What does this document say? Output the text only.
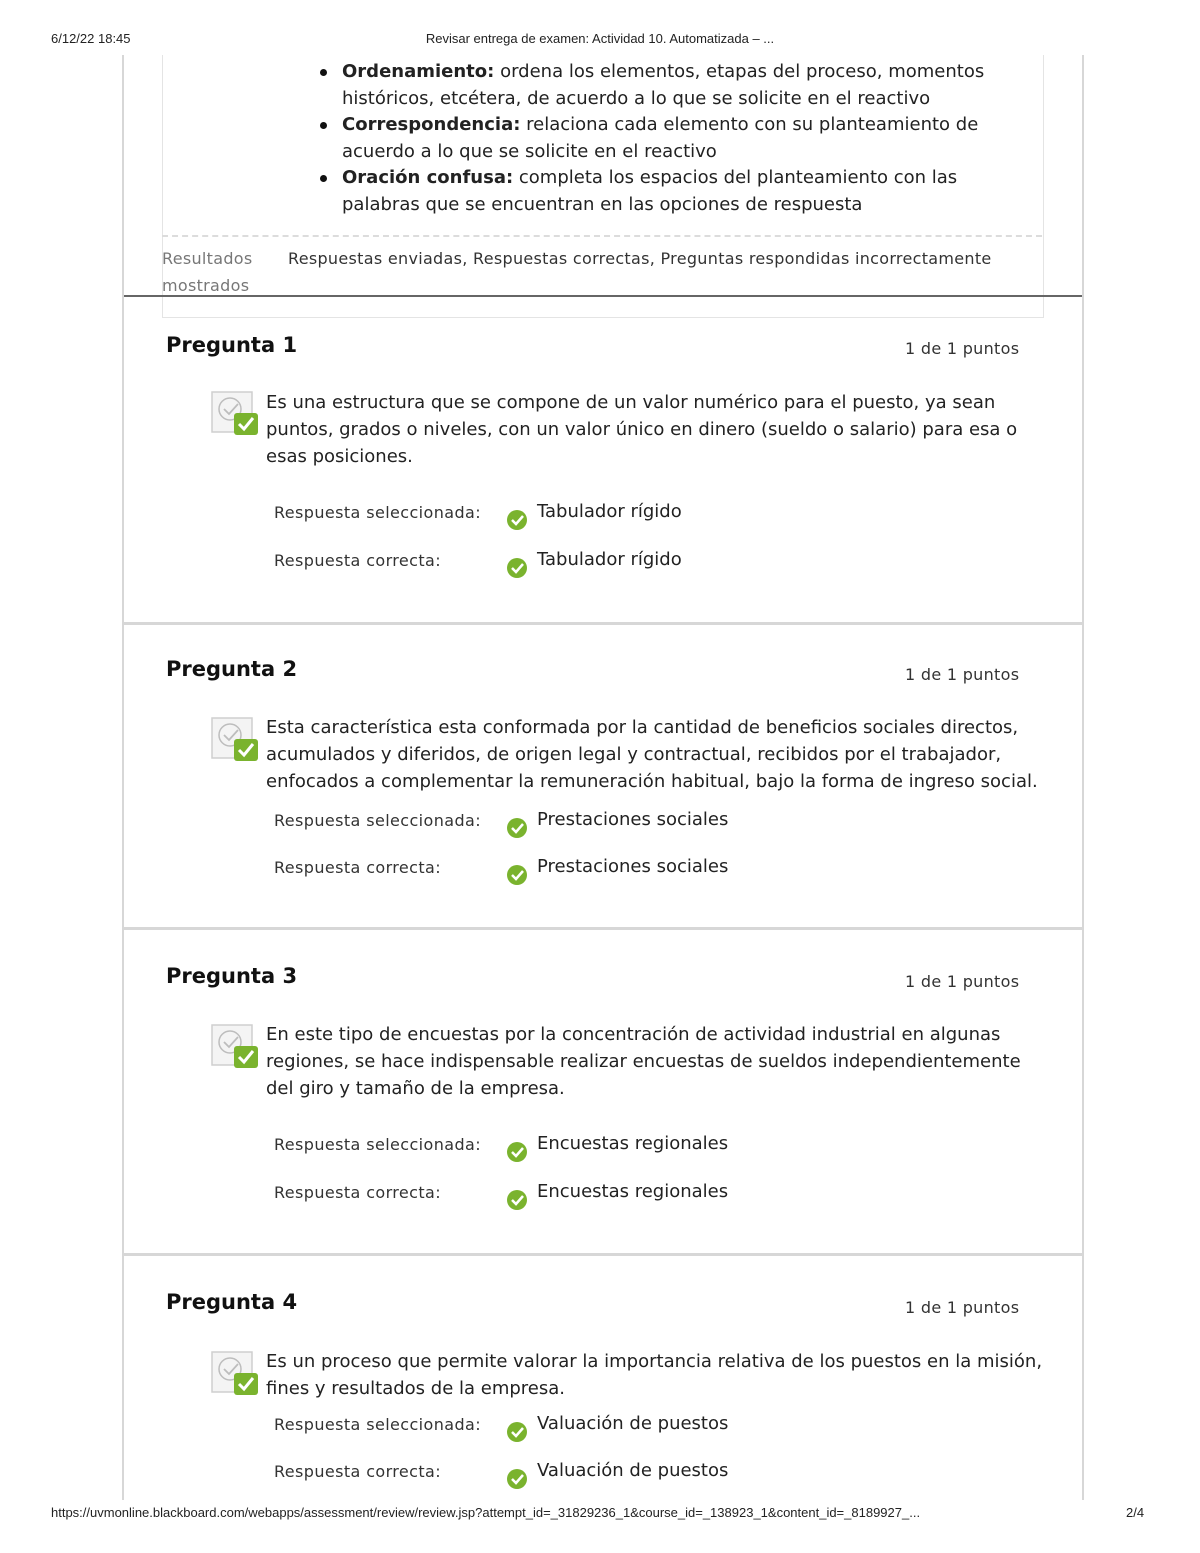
6/12/22 18:45	Revisar entrega de examen: Actividad 10. Automatizada – ...
Ordenamiento: ordena los elementos, etapas del proceso, momentos históricos, etcétera, de acuerdo a lo que se solicite en el reactivo
Correspondencia: relaciona cada elemento con su planteamiento de acuerdo a lo que se solicite en el reactivo
Oración confusa: completa los espacios del planteamiento con las palabras que se encuentran en las opciones de respuesta
Resultados mostrados
Respuestas enviadas, Respuestas correctas, Preguntas respondidas incorrectamente
Pregunta 1	1 de 1 puntos
Es una estructura que se compone de un valor numérico para el puesto, ya sean puntos, grados o niveles, con un valor único en dinero (sueldo o salario) para esa o esas posiciones.
Respuesta seleccionada:	Tabulador rígido
Respuesta correcta:	Tabulador rígido
Pregunta 2	1 de 1 puntos
Esta característica esta conformada por la cantidad de beneficios sociales directos, acumulados y diferidos, de origen legal y contractual, recibidos por el trabajador, enfocados a complementar la remuneración habitual, bajo la forma de ingreso social.
Respuesta seleccionada:	Prestaciones sociales
Respuesta correcta:	Prestaciones sociales
Pregunta 3	1 de 1 puntos
En este tipo de encuestas por la concentración de actividad industrial en algunas regiones, se hace indispensable realizar encuestas de sueldos independientemente del giro y tamaño de la empresa.
Respuesta seleccionada:	Encuestas regionales
Respuesta correcta:	Encuestas regionales
Pregunta 4	1 de 1 puntos
Es un proceso que permite valorar la importancia relativa de los puestos en la misión, fines y resultados de la empresa.
Respuesta seleccionada:	Valuación de puestos
Respuesta correcta:	Valuación de puestos
https://uvmonline.blackboard.com/webapps/assessment/review/review.jsp?attempt_id=_31829236_1&course_id=_138923_1&content_id=_8189927_...	2/4
